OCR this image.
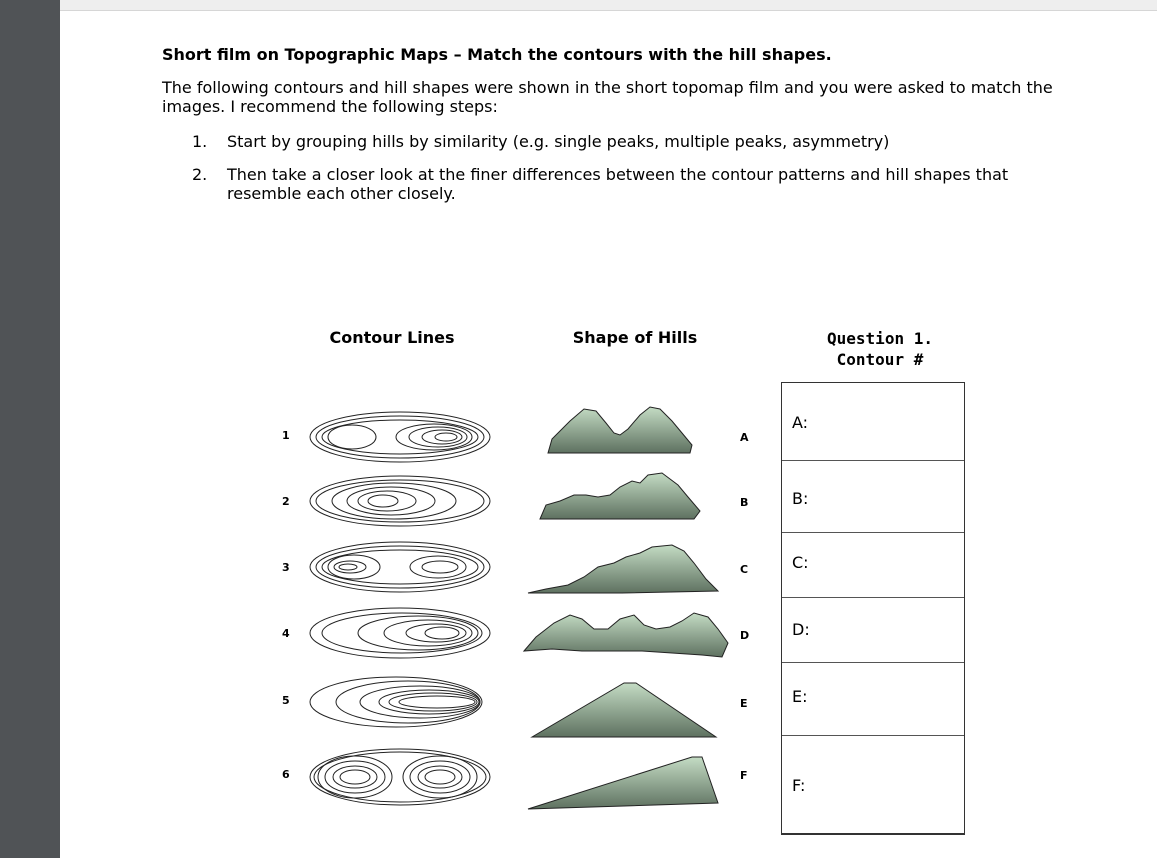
Short film on Topographic Maps – Match the contours with the hill shapes.

The following contours and hill shapes were shown in the short topomap film and you were asked to match the images. I recommend the following steps:

1. Start by grouping hills by similarity (e.g. single peaks, multiple peaks, asymmetry)
2. Then take a closer look at the finer differences between the contour patterns and hill shapes that resemble each other closely.
Contour Lines	Shape of Hills	Question 1.
Contour #
1
2
3
4
5
6
A
B
C
D
E
F
A:
B:
C:
D:
E:
F:
